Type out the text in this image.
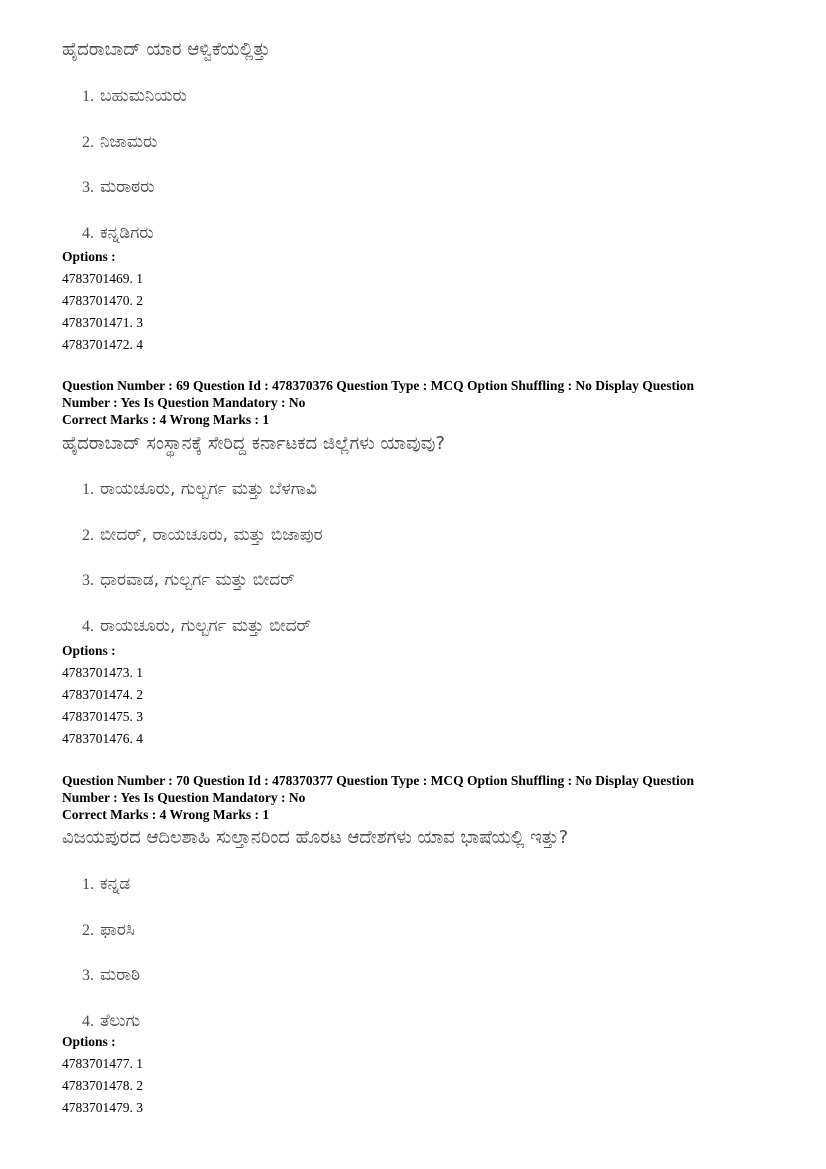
ಹೈದರಾಬಾದ್ ಯಾರ ಆಳ್ವಿಕೆಯಲ್ಲಿತ್ತು
1. ಬಹುಮನಿಯರು
2. ನಿಜಾಮರು
3. ಮರಾಠರು
4. ಕನ್ನಡಿಗರು
Options :
4783701469. 1
4783701470. 2
4783701471. 3
4783701472. 4
Question Number : 69 Question Id : 478370376 Question Type : MCQ Option Shuffling : No Display Question
Number : Yes Is Question Mandatory : No
Correct Marks : 4 Wrong Marks : 1
ಹೈದರಾಬಾದ್ ಸಂಸ್ಥಾನಕ್ಕೆ ಸೇರಿದ್ದ ಕರ್ನಾಟಕದ ಜಿಲ್ಲೆಗಳು ಯಾವುವು?
1. ರಾಯಚೂರು, ಗುಲ್ಬರ್ಗ ಮತ್ತು ಬೆಳಗಾವಿ
2. ಬೀದರ್, ರಾಯಚೂರು, ಮತ್ತು ಬಿಜಾಪುರ
3. ಧಾರವಾಡ, ಗುಲ್ಬರ್ಗ ಮತ್ತು ಬೀದರ್
4. ರಾಯಚೂರು, ಗುಲ್ಬರ್ಗ ಮತ್ತು ಬೀದರ್
Options :
4783701473. 1
4783701474. 2
4783701475. 3
4783701476. 4
Question Number : 70 Question Id : 478370377 Question Type : MCQ Option Shuffling : No Display Question
Number : Yes Is Question Mandatory : No
Correct Marks : 4 Wrong Marks : 1
ವಿಜಯಪುರದ ಆದಿಲಶಾಹಿ ಸುಲ್ತಾನರಿಂದ ಹೊರಟ ಆದೇಶಗಳು ಯಾವ ಭಾಷೆಯಲ್ಲಿ ಇತ್ತು?
1. ಕನ್ನಡ
2. ಫಾರಸಿ
3. ಮರಾಠಿ
4. ತೆಲುಗು
Options :
4783701477. 1
4783701478. 2
4783701479. 3
